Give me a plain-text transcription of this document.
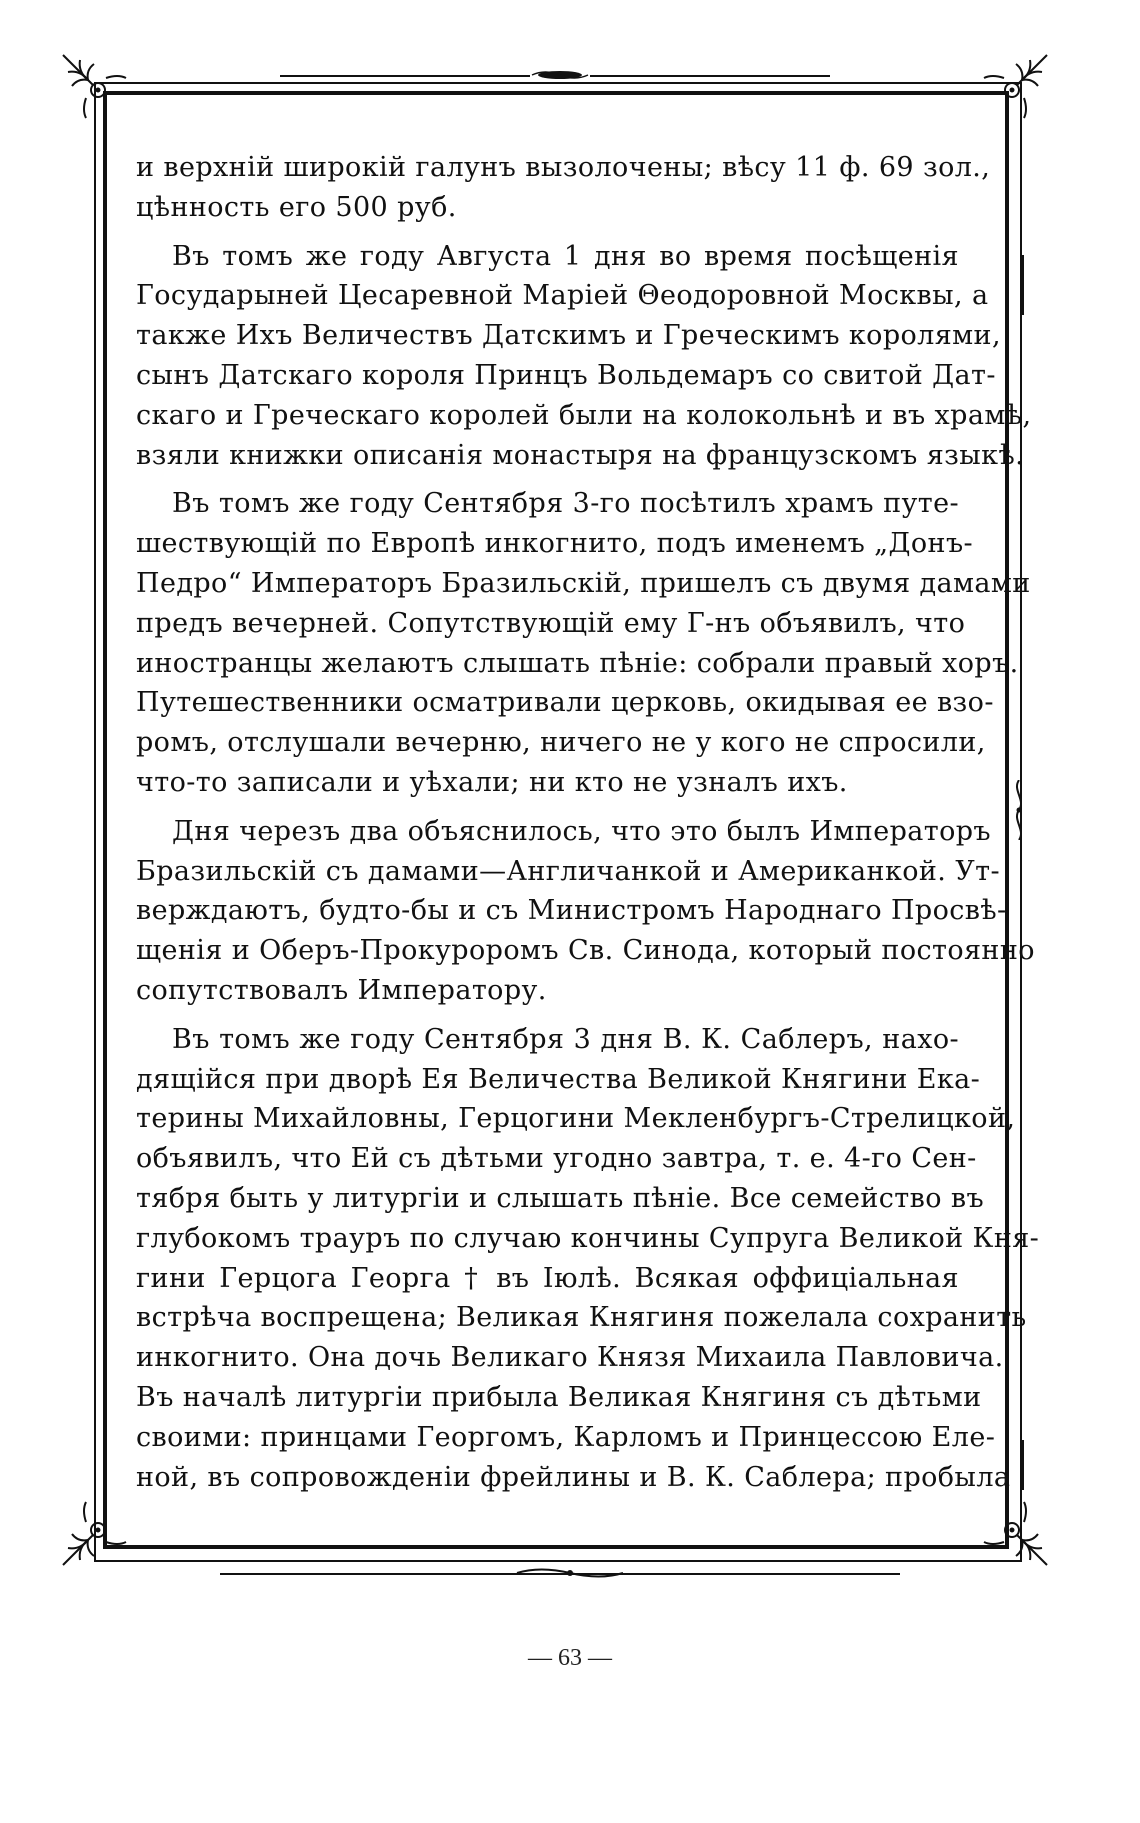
и верхній широкій галунъ вызолочены; вѣсу 11 ф. 69 зол.,
цѣнность его 500 руб.

Въ томъ же году Августа 1 дня во время посѣщенія
Государыней Цесаревной Маріей Θеодоровной Москвы, а
также Ихъ Величествъ Датскимъ и Греческимъ королями,
сынъ Датскаго короля Принцъ Вольдемаръ со свитой Дат-
скаго и Греческаго королей были на колокольнѣ и въ храмѣ,
взяли книжки описанія монастыря на французскомъ языкѣ.

Въ томъ же году Сентября 3-го посѣтилъ храмъ путе-
шествующій по Европѣ инкогнито, подъ именемъ „Донъ-
Педро“ Императоръ Бразильскій, пришелъ съ двумя дамами
предъ вечерней. Сопутствующій ему Г-нъ объявилъ, что
иностранцы желаютъ слышать пѣніе: собрали правый хоръ.
Путешественники осматривали церковь, окидывая ее взо-
ромъ, отслушали вечерню, ничего не у кого не спросили,
что-то записали и уѣхали; ни кто не узналъ ихъ.

Дня черезъ два объяснилось, что это былъ Императоръ
Бразильскій съ дамами—Англичанкой и Американкой. Ут-
верждаютъ, будто-бы и съ Министромъ Народнаго Просвѣ-
щенія и Оберъ-Прокуроромъ Св. Синода, который постоянно
сопутствовалъ Императору.

Въ томъ же году Сентября 3 дня В. К. Саблеръ, нахо-
дящійся при дворѣ Ея Величества Великой Княгини Ека-
терины Михайловны, Герцогини Мекленбургъ-Стрелицкой,
объявилъ, что Ей съ дѣтьми угодно завтра, т. е. 4-го Сен-
тября быть у литургіи и слышать пѣніе. Все семейство въ
глубокомъ трауръ по случаю кончины Супруга Великой Кня-
гини Герцога Георга † въ Іюлѣ. Всякая оффиціальная
встрѣча воспрещена; Великая Княгиня пожелала сохранить
инкогнито. Она дочь Великаго Князя Михаила Павловича.
Въ началѣ литургіи прибыла Великая Княгиня съ дѣтьми
своими: принцами Георгомъ, Карломъ и Принцессою Еле-
ной, въ сопровожденіи фрейлины и В. К. Саблера; пробыла

— 63 —
